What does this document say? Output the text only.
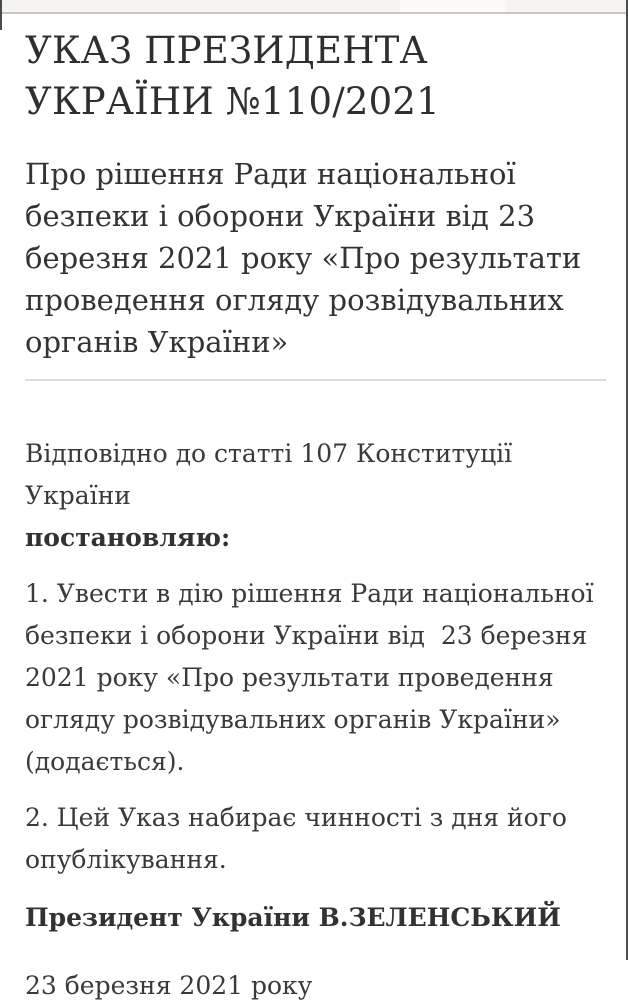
УКАЗ ПРЕЗИДЕНТА
УКРАЇНИ №110/2021
Про рішення Ради національної
безпеки і оборони України від 23
березня 2021 року «Про результати
проведення огляду розвідувальних
органів України»
Відповідно до статті 107 Конституції України
постановляю:
1. Увести в дію рішення Ради національної
безпеки і оборони України від  23 березня
2021 року «Про результати проведення
огляду розвідувальних органів України»
(додається).
2. Цей Указ набирає чинності з дня його
опублікування.
Президент України В.ЗЕЛЕНСЬКИЙ
23 березня 2021 року
